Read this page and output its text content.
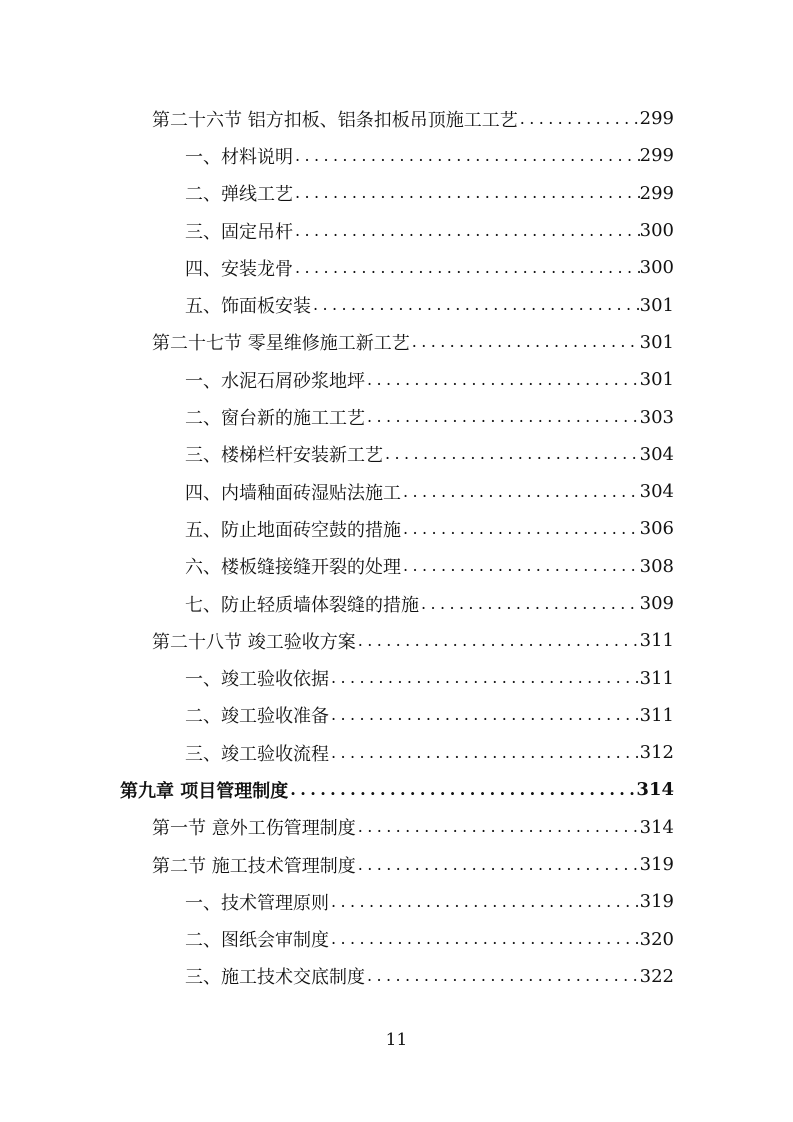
第二十六节 铝方扣板、铝条扣板吊顶施工工艺 .....	299
一、材料说明 .....	299
二、弹线工艺 .....	299
三、固定吊杆 .....	300
四、安装龙骨 .....	300
五、饰面板安装 .....	301
第二十七节 零星维修施工新工艺 .....	301
一、水泥石屑砂浆地坪 .....	301
二、窗台新的施工工艺 .....	303
三、楼梯栏杆安装新工艺 .....	304
四、内墙釉面砖湿贴法施工 .....	304
五、防止地面砖空鼓的措施 .....	306
六、楼板缝接缝开裂的处理 .....	308
七、防止轻质墙体裂缝的措施 .....	309
第二十八节 竣工验收方案 .....	311
一、竣工验收依据 .....	311
二、竣工验收准备 .....	311
三、竣工验收流程 .....	312
第九章 项目管理制度 .....	314
第一节 意外工伤管理制度 .....	314
第二节 施工技术管理制度 .....	319
一、技术管理原则 .....	319
二、图纸会审制度 .....	320
三、施工技术交底制度 .....	322
11
